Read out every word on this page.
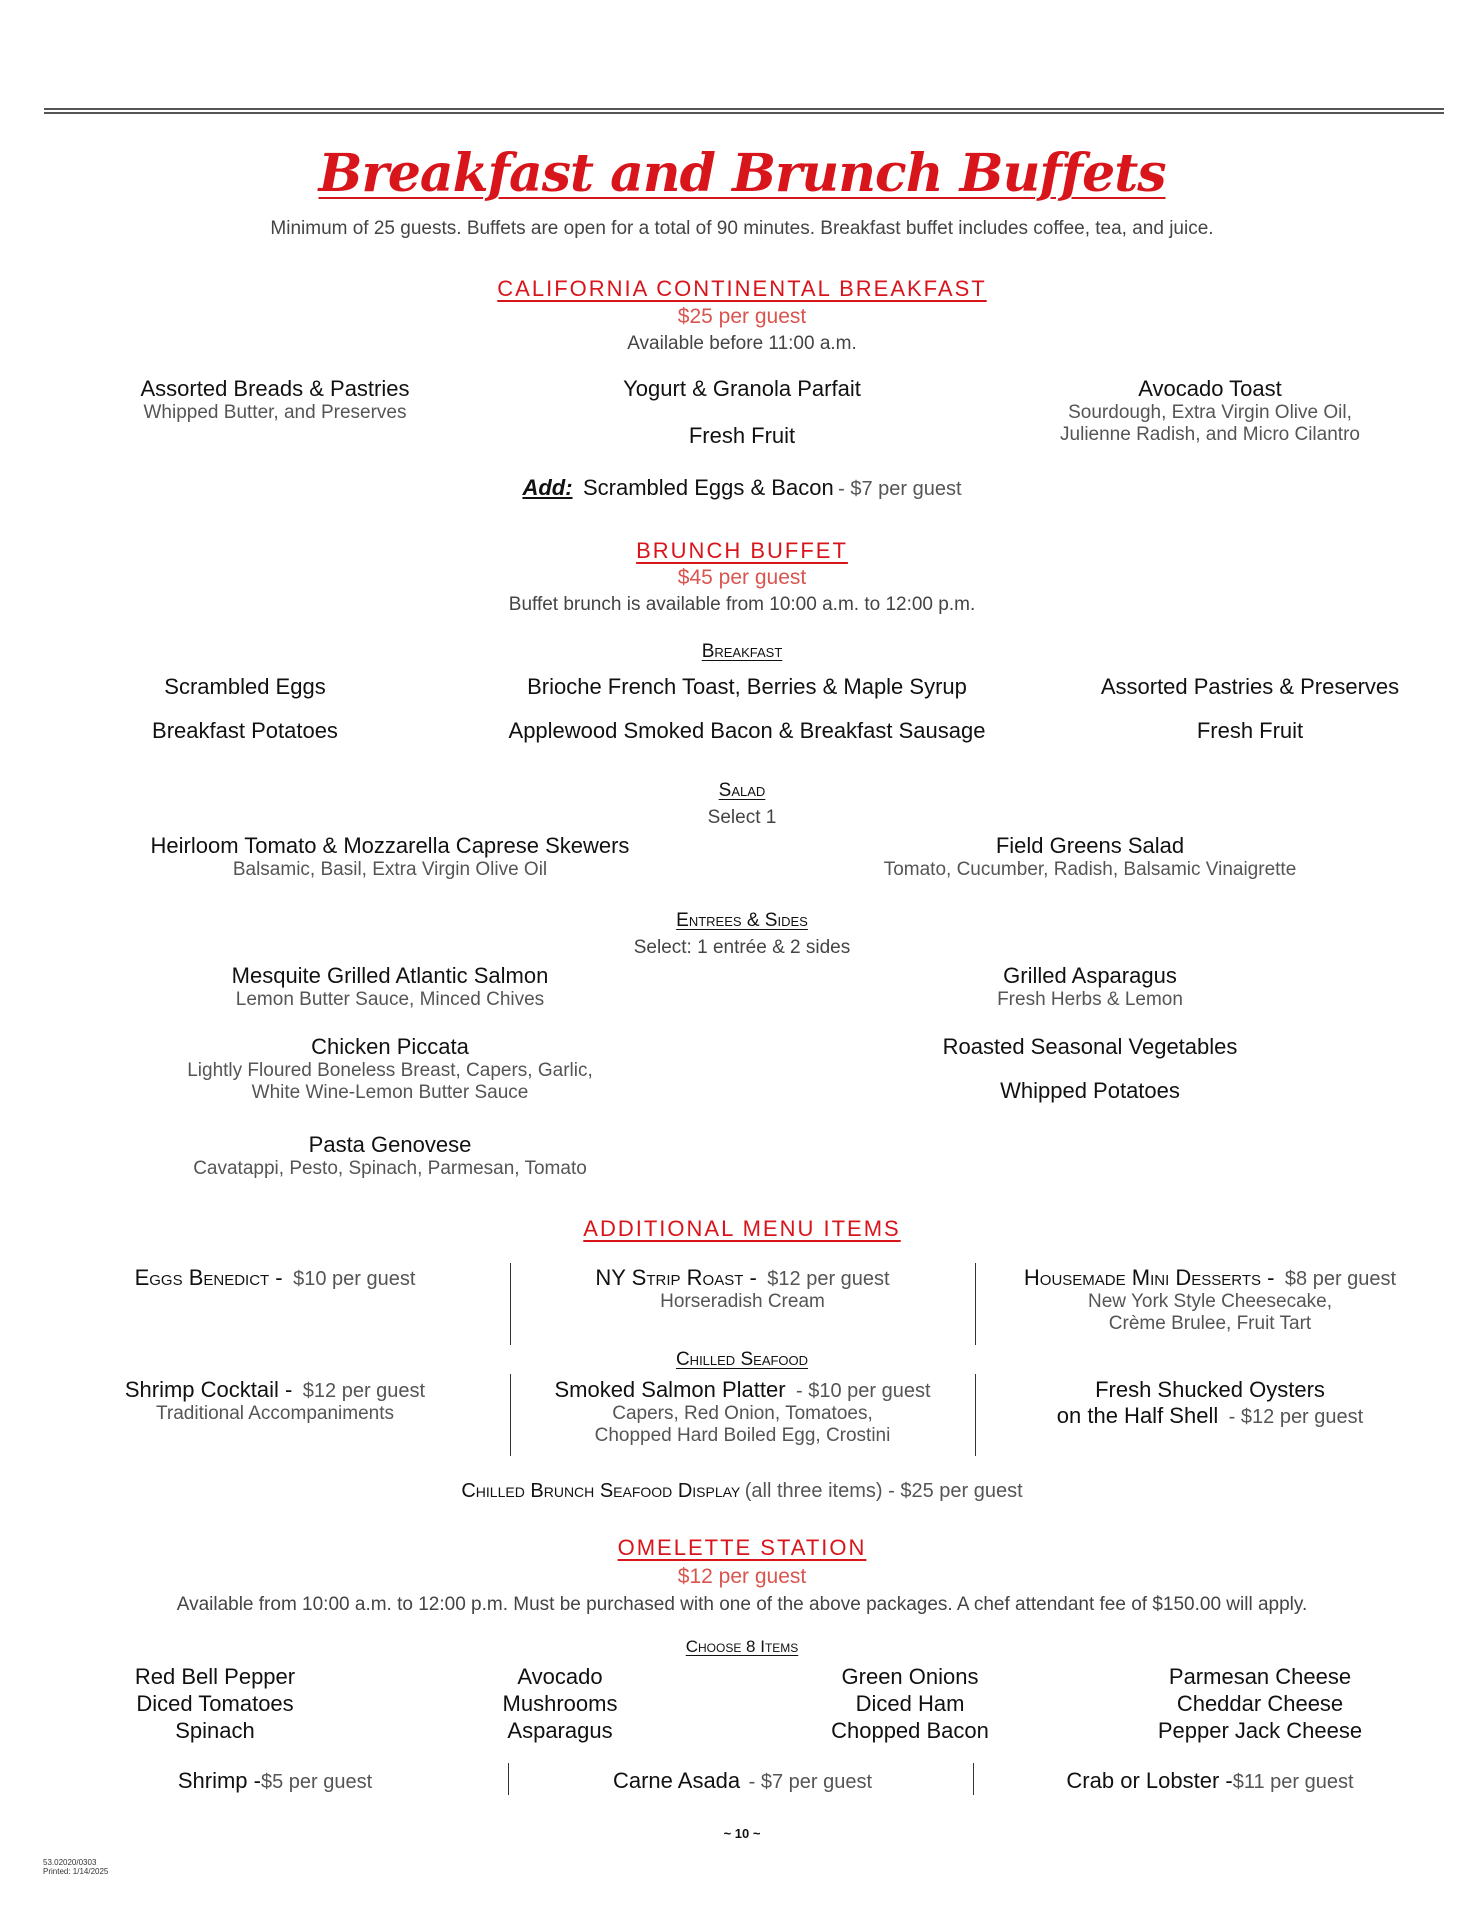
Breakfast and Brunch Buffets
Minimum of 25 guests. Buffets are open for a total of 90 minutes. Breakfast buffet includes coffee, tea, and juice.
CALIFORNIA CONTINENTAL BREAKFAST
$25 per guest
Available before 11:00 a.m.
Assorted Breads & Pastries
Whipped Butter, and Preserves
Yogurt & Granola Parfait
Fresh Fruit
Avocado Toast
Sourdough, Extra Virgin Olive Oil,
Julienne Radish, and Micro Cilantro
Add: Scrambled Eggs & Bacon - $7 per guest
BRUNCH BUFFET
$45 per guest
Buffet brunch is available from 10:00 a.m. to 12:00 p.m.
Breakfast
Scrambled Eggs	Brioche French Toast, Berries & Maple Syrup	Assorted Pastries & Preserves
Breakfast Potatoes	Applewood Smoked Bacon & Breakfast Sausage	Fresh Fruit
Salad
Select 1
Heirloom Tomato & Mozzarella Caprese Skewers
Balsamic, Basil, Extra Virgin Olive Oil
Field Greens Salad
Tomato, Cucumber, Radish, Balsamic Vinaigrette
Entrees & Sides
Select: 1 entrée & 2 sides
Mesquite Grilled Atlantic Salmon
Lemon Butter Sauce, Minced Chives
Chicken Piccata
Lightly Floured Boneless Breast, Capers, Garlic,
White Wine-Lemon Butter Sauce
Pasta Genovese
Cavatappi, Pesto, Spinach, Parmesan, Tomato
Grilled Asparagus
Fresh Herbs & Lemon
Roasted Seasonal Vegetables
Whipped Potatoes
ADDITIONAL MENU ITEMS
Eggs Benedict - $10 per guest	NY Strip Roast - $12 per guest
Horseradish Cream
Housemade Mini Desserts - $8 per guest
New York Style Cheesecake,
Crème Brulee, Fruit Tart
Chilled Seafood
Shrimp Cocktail - $12 per guest
Traditional Accompaniments
Smoked Salmon Platter - $10 per guest
Capers, Red Onion, Tomatoes,
Chopped Hard Boiled Egg, Crostini
Fresh Shucked Oysters
on the Half Shell - $12 per guest
Chilled Brunch Seafood Display (all three items) - $25 per guest
OMELETTE STATION
$12 per guest
Available from 10:00 a.m. to 12:00 p.m. Must be purchased with one of the above packages. A chef attendant fee of $150.00 will apply.
Choose 8 Items
Red Bell Pepper
Diced Tomatoes
Spinach
Avocado
Mushrooms
Asparagus
Green Onions
Diced Ham
Chopped Bacon
Parmesan Cheese
Cheddar Cheese
Pepper Jack Cheese
Shrimp -$5 per guest	Carne Asada - $7 per guest	Crab or Lobster -$11 per guest
~ 10 ~
53.02020/0303
Printed: 1/14/2025
